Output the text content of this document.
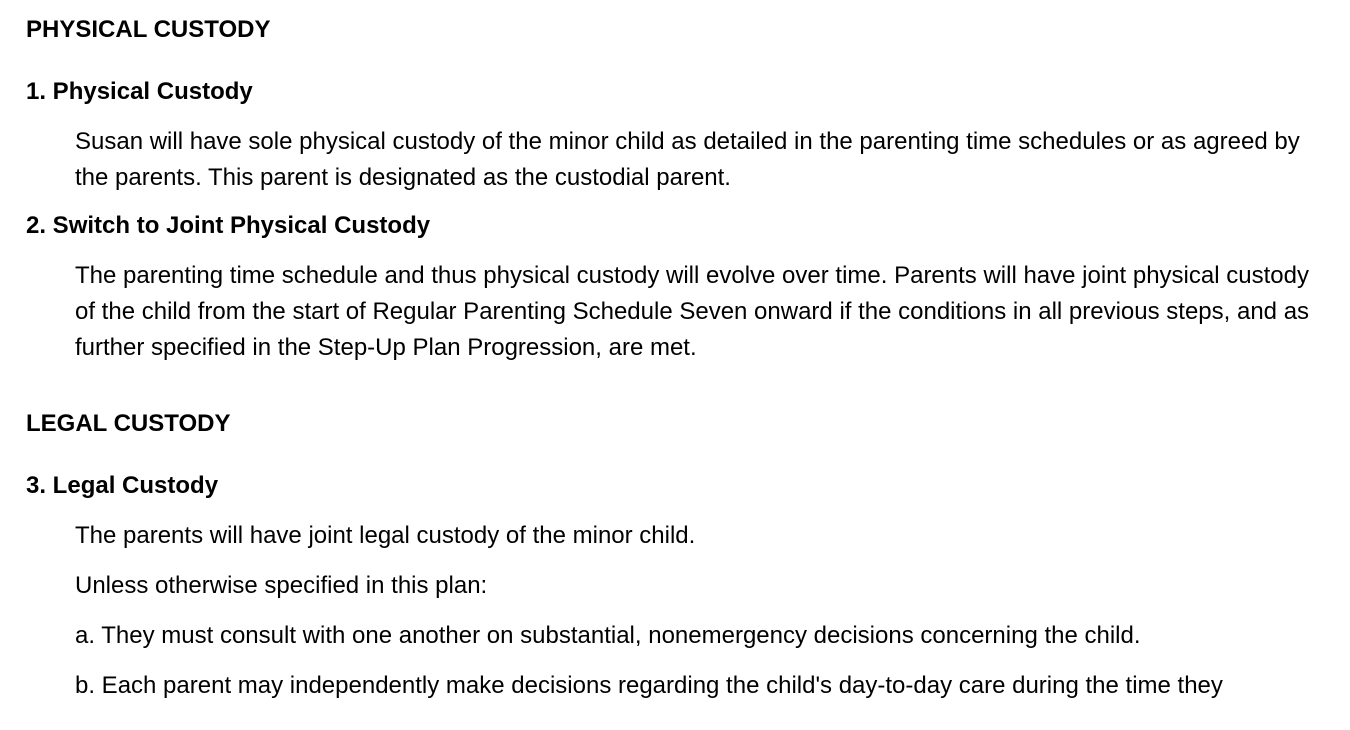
PHYSICAL CUSTODY
1. Physical Custody

Susan will have sole physical custody of the minor child as detailed in the parenting time schedules or as agreed by the parents. This parent is designated as the custodial parent.

2. Switch to Joint Physical Custody

The parenting time schedule and thus physical custody will evolve over time. Parents will have joint physical custody of the child from the start of Regular Parenting Schedule Seven onward if the conditions in all previous steps, and as further specified in the Step-Up Plan Progression, are met.

LEGAL CUSTODY
3. Legal Custody

The parents will have joint legal custody of the minor child.

Unless otherwise specified in this plan:

a. They must consult with one another on substantial, nonemergency decisions concerning the child.

b. Each parent may independently make decisions regarding the child's day-to-day care during the time they
